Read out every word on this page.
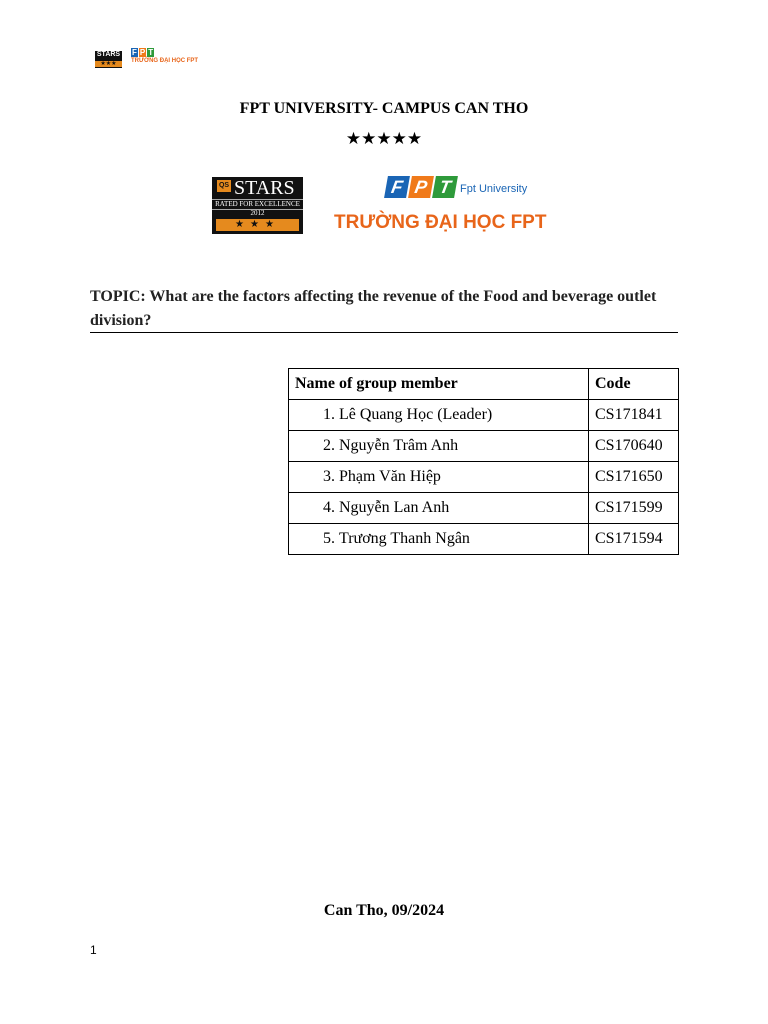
STARS
★★★
F P T
TRƯỜNG ĐẠI HỌC FPT
FPT UNIVERSITY- CAMPUS CAN THO
★★★★★
QS STARS
RATED FOR EXCELLENCE
2012
★★★
F P T Fpt University
TRƯỜNG ĐẠI HỌC FPT
TOPIC: What are the factors affecting the revenue of the Food and beverage outlet division?
Name of group member	Code
1. Lê Quang Học (Leader)	CS171841
2. Nguyễn Trâm Anh	CS170640
3. Phạm Văn Hiệp	CS171650
4. Nguyễn Lan Anh	CS171599
5. Trương Thanh Ngân	CS171594
Can Tho, 09/2024
1
